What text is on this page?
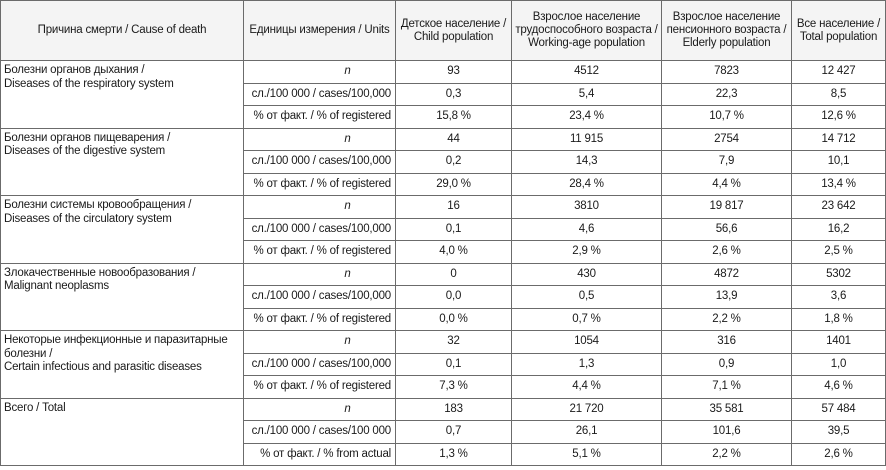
Причина смерти / Cause of death	Единицы измерения / Units	Детское население / Child population	Взрослое население трудоспособного возраста / Working-age population	Взрослое население пенсионного возраста / Elderly population	Все население / Total population

Болезни органов дыхания /
Diseases of the respiratory system	n	93	4512	7823	12 427
	сл./100 000 / cases/100,000	0,3	5,4	22,3	8,5
	% от факт. / % of registered	15,8 %	23,4 %	10,7 %	12,6 %

Болезни органов пищеварения /
Diseases of the digestive system	n	44	11 915	2754	14 712
	сл./100 000 / cases/100,000	0,2	14,3	7,9	10,1
	% от факт. / % of registered	29,0 %	28,4 %	4,4 %	13,4 %

Болезни системы кровообращения /
Diseases of the circulatory system	n	16	3810	19 817	23 642
	сл./100 000 / cases/100,000	0,1	4,6	56,6	16,2
	% от факт. / % of registered	4,0 %	2,9 %	2,6 %	2,5 %

Злокачественные новообразования /
Malignant neoplasms	n	0	430	4872	5302
	сл./100 000 / cases/100,000	0,0	0,5	13,9	3,6
	% от факт. / % of registered	0,0 %	0,7 %	2,2 %	1,8 %

Некоторые инфекционные и паразитарные болезни /
Certain infectious and parasitic diseases	n	32	1054	316	1401
	сл./100 000 / cases/100,000	0,1	1,3	0,9	1,0
	% от факт. / % of registered	7,3 %	4,4 %	7,1 %	4,6 %

Всего / Total	n	183	21 720	35 581	57 484
	сл./100 000 / cases/100 000	0,7	26,1	101,6	39,5
	% от факт. / % from actual	1,3 %	5,1 %	2,2 %	2,6 %
